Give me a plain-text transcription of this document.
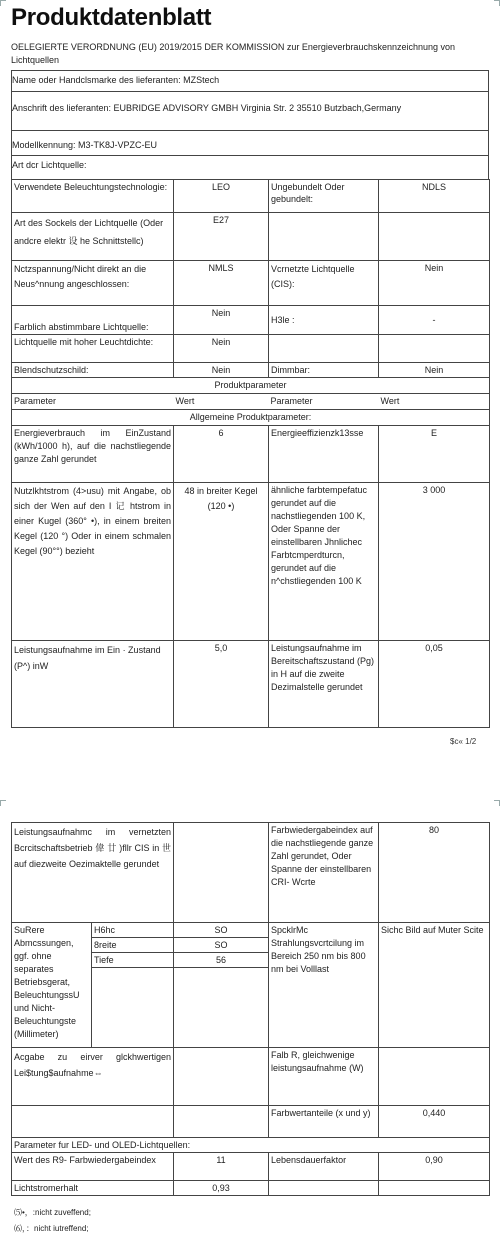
Produktdatenblatt
OELEGIERTE VERORDNUNG (EU) 2019/2015 DER KOMMISSION zur Energieverbrauchskennzeichnung von Lichtquellen
Name oder Handclsmarke des lieferanten: MZStech
Anschrift des lieferanten: EUBRIDGE ADVISORY GMBH Virginia Str. 2 35510 Butzbach,Germany
Modellkennung: M3-TK8J-VPZC-EU
Art dcr Lichtquelle:
Verwendete Beleuchtungstechnologie:	LEO	Ungebundelt Oder gebundelt:	NDLS
Art des Sockels der Lichtquelle (Oder andcre elektr 设 he Schnittstellc)	E27		
Nctzspannung/Nicht direkt an die Neus^nnung angeschlossen:	NMLS	Vcrnetzte Lichtquelle (CIS):	Nein
Farblich abstimmbare Lichtquelle:	Nein	H3le :	-
Lichtquelle mit hoher Leuchtdichte:	Nein		
Blendschutzschild:	Nein	Dimmbar:	Nein
Produktparameter			
Parameter	Wert	Parameter	Wert
Allgemeine Produktparameter:			
Energieverbrauch im EinZustand (kWh/1000 h), auf die nachstliegende ganze Zahl gerundet	6	Energieeffizienzk13sse	E
Nutzlkhtstrom (4>usu) mit Angabe, ob sich der Wen auf den I 记 htstrom in einer Kugel (360° •), in einem breiten Kegel (120 °) Oder in einem schmalen Kegel (90°°) bezieht	48 in breiter Kegel (120 •)	ähnliche farbtempefatuc gerundet auf die nachstliegenden 100 K, Oder Spanne der einstellbaren Jhnlichec Farbtcmperdturcn, gerundet auf die n^chstliegenden 100 K	3 000
Leistungsaufnahme im Ein · Zustand (P^) inW	5,0	Leistungsaufnahme im Bereitschaftszustand (Pg) in H auf die zweite Dezimalstelle gerundet	0,05
$c« 1/2
Leistungsaufnahmc im vernetzten Bcrcitschaftsbetrieb 偉 廿 )fllr CIS in 世 auf diezweite Oezimaktelle gerundet			Farbwiedergabeindex auf die nachstliegende ganze Zahl gerundet, Oder Spanne der einstellbaren CRI- Wcrte	80
SuRere Abmcssungen, ggf. ohne separates Betriebsgerat, BeleuchtungssU und Nicht-Beleuchtungste (Millimeter)	H6hc	SO	SpcklrMc Strahlungsvcrtcilung im Bereich 250 nm bis 800 nm bei Volllast	Sichc Bild auf Muter Scite
	8reite	SO		
	Tiefe	56		

Acgabe zu eirver glckhwertigen Lei$tung$aufnahme⇔			Falb R, gleichwenige leistungsaufnahme (W)	
			Farbwertanteile (x und y)	0,440
Parameter fur LED- und OLED-Lichtquellen:				
Wert des R9- Farbwiedergabeindex		11	Lebensdauerfaktor	0,90
Lichtstromerhalt		0,93		
⑸•，:nicht zuveffend;
⑹，：nicht iutreffend;
